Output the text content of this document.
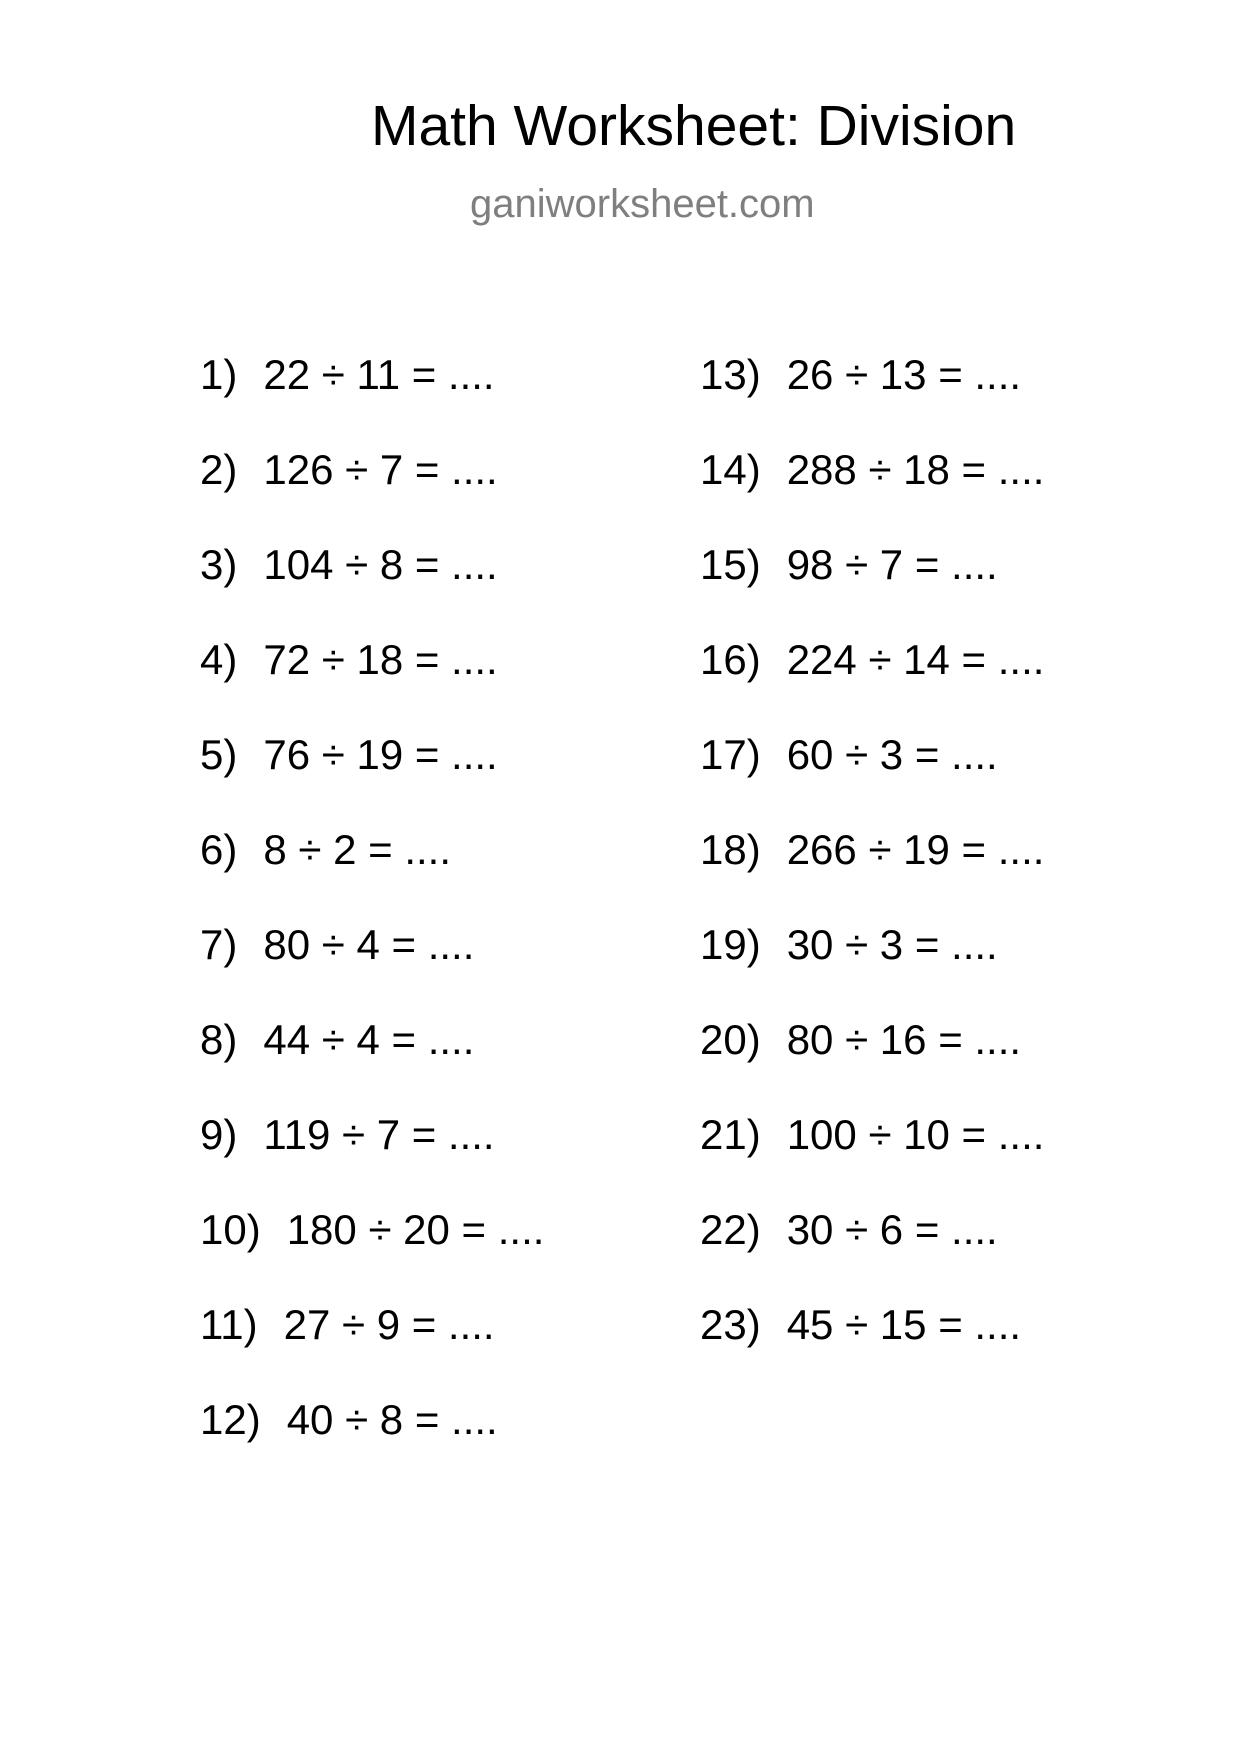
Math Worksheet: Division
ganiworksheet.com
1) 22 ÷ 11 = ....
2) 126 ÷ 7 = ....
3) 104 ÷ 8 = ....
4) 72 ÷ 18 = ....
5) 76 ÷ 19 = ....
6) 8 ÷ 2 = ....
7) 80 ÷ 4 = ....
8) 44 ÷ 4 = ....
9) 119 ÷ 7 = ....
10) 180 ÷ 20 = ....
11) 27 ÷ 9 = ....
12) 40 ÷ 8 = ....
13) 26 ÷ 13 = ....
14) 288 ÷ 18 = ....
15) 98 ÷ 7 = ....
16) 224 ÷ 14 = ....
17) 60 ÷ 3 = ....
18) 266 ÷ 19 = ....
19) 30 ÷ 3 = ....
20) 80 ÷ 16 = ....
21) 100 ÷ 10 = ....
22) 30 ÷ 6 = ....
23) 45 ÷ 15 = ....
